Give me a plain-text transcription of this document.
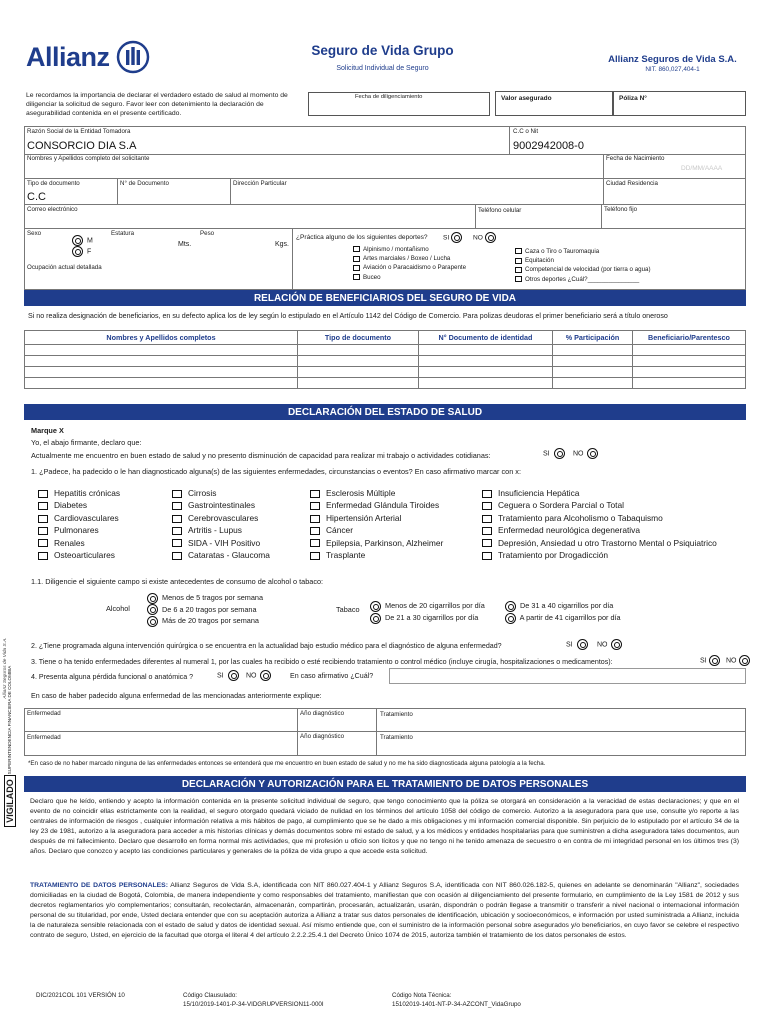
Allianz	Seguro de Vida Grupo
Solicitud Individual de Seguro
Allianz Seguros de Vida S.A.
NIT. 860,027,404-1
Le recordamos la importancia de declarar el verdadero estado de salud al momento de diligenciar la solicitud de seguro. Favor leer con detenimiento la declaración de asegurabilidad contenida en el presente certificado.
Fecha de diligenciamiento	Valor asegurado	Póliza N°
Razón Social de la Entidad Tomadora
CONSORCIO DIA S.A
C.C o Nit
9002942008-0
Nombres y Apellidos completo del solicitante	Fecha de Nacimiento
DD/MM/AAAA
Tipo de documento
C.C
N° de Documento	Dirección Particular	Ciudad Residencia
Correo electrónico	Teléfono celular	Teléfono fijo
Sexo
M
F
Estatura
Mts.
Peso
Kgs.
Ocupación actual detallada
¿Práctica alguno de los siguientes deportes? SI	NO
Alpinismo / montañismo
Artes marciales / Boxeo / Lucha
Aviación o Paracaidismo o Parapente
Buceo
Caza o Tiro o Tauromaquia
Equitación
Competencial de velocidad (por tierra o agua)
Otros deportes ¿Cuál?_______________
RELACIÓN DE BENEFICIARIOS DEL SEGURO DE VIDA
Si no realiza designación de beneficiarios, en su defecto aplica los de ley según lo estipulado en el Artículo 1142 del Código de Comercio. Para polizas deudoras el primer beneficiario será a título oneroso
Nombres y Apellidos completos	Tipo de documento	N° Documento de identidad	% Participación	Beneficiario/Parentesco

DECLARACIÓN DEL ESTADO DE SALUD
Marque X
Yo, el abajo firmante, declaro que:
Actualmente me encuentro en buen estado de salud y no presento disminución de capacidad para realizar mi trabajo o actividades cotidianas:	SI	NO
1. ¿Padece, ha padecido o le han diagnosticado alguna(s) de las siguientes enfermedades, circunstancias o eventos? En caso afirmativo marcar con x:
Hepatitis crónicas
Diabetes
Cardiovasculares
Pulmonares
Renales
Osteoarticulares
Cirrosis
Gastrointestinales
Cerebrovasculares
Artritis - Lupus
SIDA - VIH Positivo
Cataratas - Glaucoma
Esclerosis Múltiple
Enfermedad Glándula Tiroides
Hipertensión Arterial
Cáncer
Epilepsia, Parkinson, Alzheimer
Trasplante
Insuficiencia Hepática
Ceguera o Sordera Parcial o Total
Tratamiento para Alcoholismo o Tabaquismo
Enfermedad neurológica degenerativa
Depresión, Ansiedad u otro Trastorno Mental o Psiquiatrico
Tratamiento por Drogadicción
1.1. Diligencie el siguiente campo si existe antecedentes de consumo de alcohol o tabaco:
Alcohol
Menos de 5 tragos por semana
De 6 a 20 tragos por semana
Más de 20 tragos por semana
Tabaco	Menos de 20 cigarrillos por día
De 21 a 30 cigarrillos por día
De 31 a 40 cigarrillos por día
A partir de 41 cigarrillos por día
2. ¿Tiene programada alguna intervención quirúrgica o se encuentra en la actualidad bajo estudio médico para el diagnóstico de alguna enfermedad?	SI	NO
3. Tiene o ha tenido enfermedades diferentes al numeral 1, por las cuales ha recibido o esté recibiendo tratamiento o control médico (incluye cirugía, hospitalizaciones o medicamentos):	SI	NO
4. Presenta alguna pérdida funcional o anatómica ?	SI	NO	En caso afirmativo ¿Cuál?
En caso de haber padecido alguna enfermedad de las mencionadas anteriormente explique:
Enfermedad	Año diagnóstico	Tratamiento
Enfermedad	Año diagnóstico	Tratamiento
*En caso de no haber marcado ninguna de las enfermedades entonces se entenderá que me encuentro en buen estado de salud y no me ha sido diagnosticada alguna patología a la fecha.
DECLARACIÓN Y AUTORIZACIÓN PARA EL TRATAMIENTO DE DATOS PERSONALES
Declaro que he leído, entiendo y acepto la información contenida en la presente solicitud individual de seguro, que tengo conocimiento que la póliza se otorgará en consideración a la veracidad de estas declaraciones; y que en el evento de no coincidir ellas estrictamente con la realidad, el seguro otorgado quedará viciado de nulidad en los términos del artículo 1058 del código de comercio. Autorizo a la aseguradora para que use, consulte y/o reporte a las centrales de información de riesgos , cualquier información relativa a mis hábitos de pago, al cumplimiento que se he dado a mis obligaciones y mi información comercial disponible. Sin perjuicio de lo estipulado por el artículo 34 de la ley 23 de 1981, autorizo a la aseguradora para acceder a mis historias clínicas y demás documentos sobre mi estado de salud, y a los médicos y entidades hospitalarias para que suministren a dicha aseguradora tales documentos, aun después de mi fallecimiento. Declaro que desarrollo en forma normal mis actividades, que mi profesión u oficio son lícitos y que no tengo ni he tenido amenaza de secuestro o en contra de mi integridad personal en los últimos tres (3) años. Declaro que conozco y acepto las condiciones particulares y generales de la póliza de vida grupo a que accede esta solicitud.
TRATAMIENTO DE DATOS PERSONALES: Allianz Seguros de Vida S.A, identificada con NIT 860.027.404-1 y Allianz Seguros S.A, identificada con NIT 860.026.182-5, quienes en adelante se denominarán "Allianz", sociedades domiciliadas en la ciudad de Bogotá, Colombia, de manera independiente y como responsables del tratamiento, manifiestan que con ocasión al diligenciamiento del presente formulario, en cumplimiento de la Ley 1581 de 2012 y sus decretos reglamentarios y/o complementarios; consultarán, recolectarán, almacenarán, compartirán, procesarán, actualizarán, usarán, dispondrán o podrán llegase a transmitir o transferir a nivel nacional o internacional información personal de su titularidad, por ende, Usted declara entender que con su aceptación autoriza a Allianz a tratar sus datos personales de identificación, ubicación y socioeconómicos, e información por usted suministrada a Allianz, incluida la de naturaleza sensible relacionada con el estado de salud y datos de identidad sexual. Así mismo entiende que, con el suministro de la información personal sobre asegurados y/o beneficiarios, en cuyo favor se celebre el respectivo contrato de seguro, Usted, en ejercicio de la facultad que otorga el literal 4 del artículo 2.2.2.25.4.1 del Decreto Único 1074 de 2015, autoriza también el tratamiento de los datos personales de estos.
DIC/2021COL 101 VERSIÓN 10	Código Clausulado:
15/10/2019-1401-P-34-VIDGRUPVERSION11-000I
Código Nota Técnica:
15102019-1401-NT-P-34-AZCONT_VidaGrupo
VIGILADO
SUPERINTENDENCIA FINANCIERA DE COLOMBIA
Allianz Seguros de Vida S.A.
